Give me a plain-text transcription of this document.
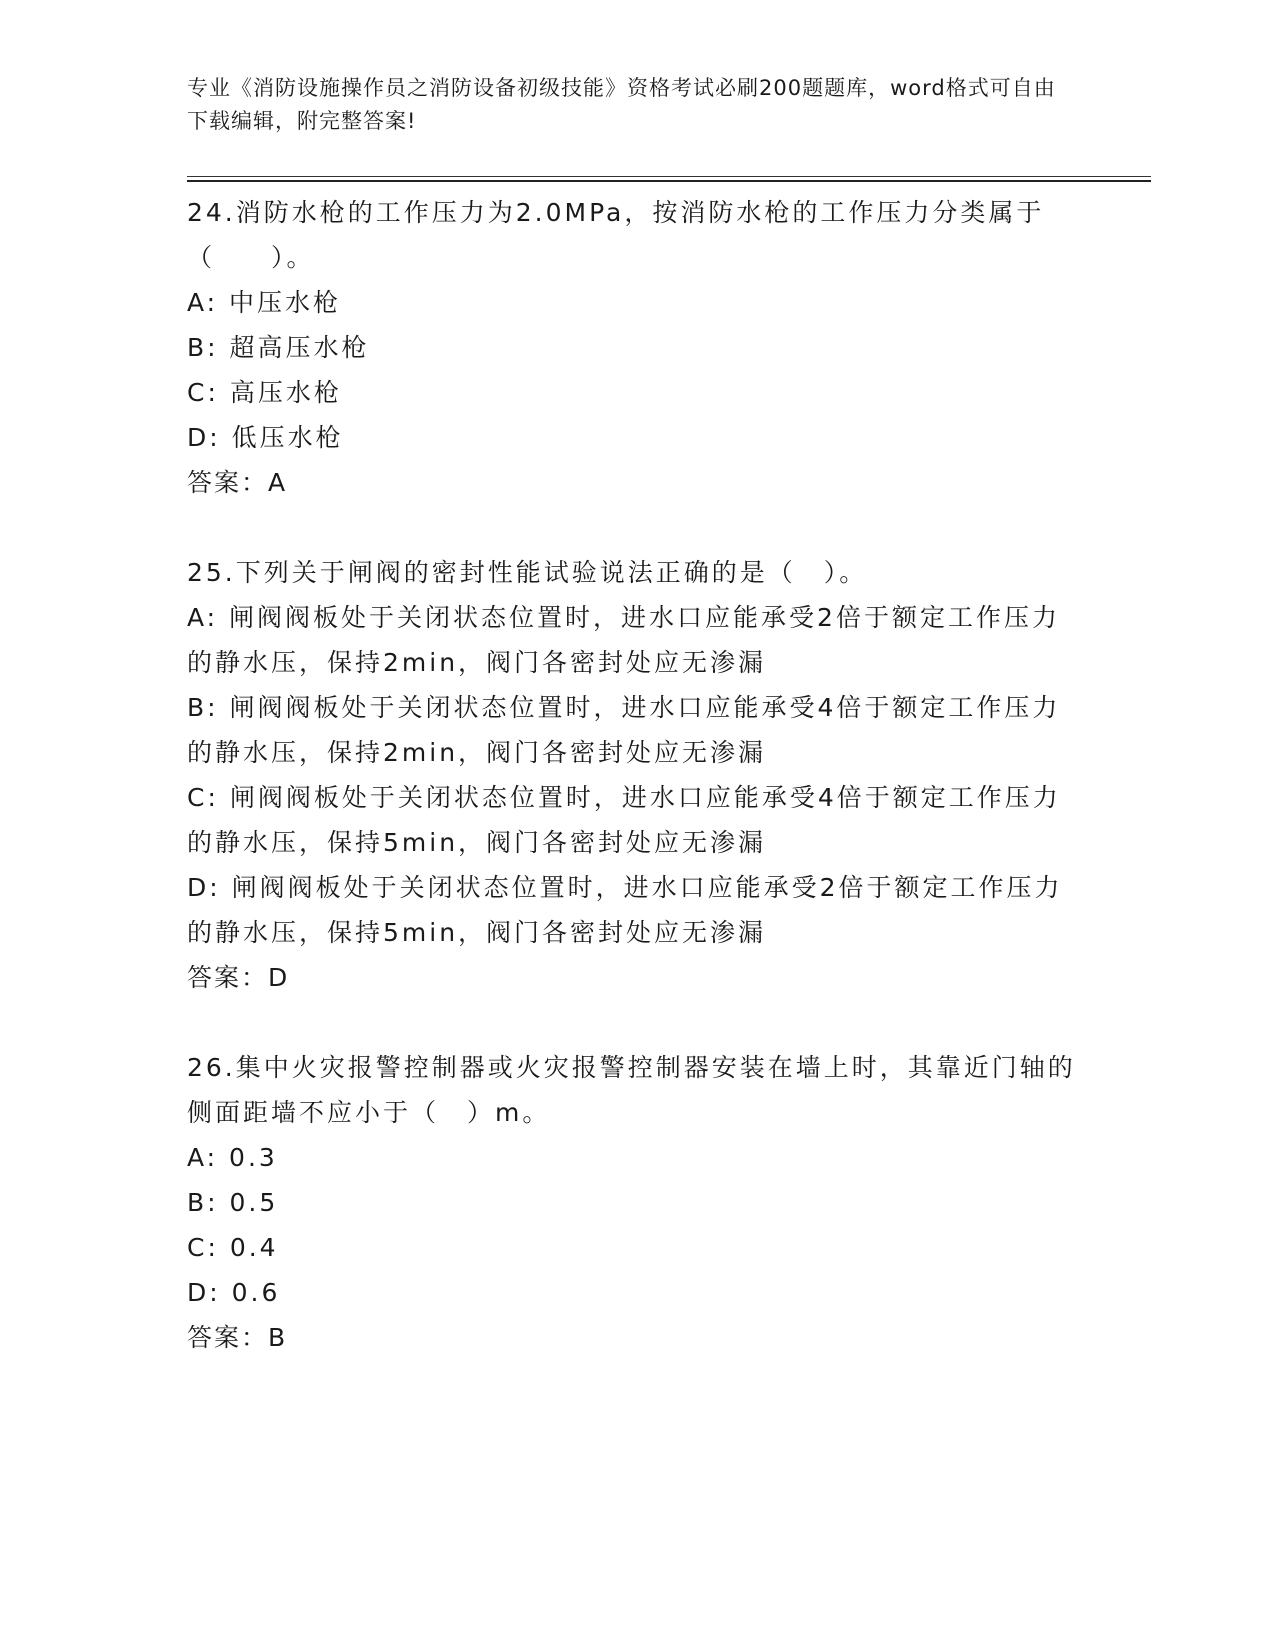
专业《消防设施操作员之消防设备初级技能》资格考试必刷200题题库，word格式可自由下载编辑，附完整答案!
24.消防水枪的工作压力为2.0MPa，按消防水枪的工作压力分类属于（　　）。
A: 中压水枪
B: 超高压水枪
C: 高压水枪
D: 低压水枪
答案：A
25.下列关于闸阀的密封性能试验说法正确的是（　）。
A: 闸阀阀板处于关闭状态位置时，进水口应能承受2倍于额定工作压力的静水压，保持2min，阀门各密封处应无渗漏
B: 闸阀阀板处于关闭状态位置时，进水口应能承受4倍于额定工作压力的静水压，保持2min，阀门各密封处应无渗漏
C: 闸阀阀板处于关闭状态位置时，进水口应能承受4倍于额定工作压力的静水压，保持5min，阀门各密封处应无渗漏
D: 闸阀阀板处于关闭状态位置时，进水口应能承受2倍于额定工作压力的静水压，保持5min，阀门各密封处应无渗漏
答案：D
26.集中火灾报警控制器或火灾报警控制器安装在墙上时，其靠近门轴的侧面距墙不应小于（　）m。
A: 0.3
B: 0.5
C: 0.4
D: 0.6
答案：B
